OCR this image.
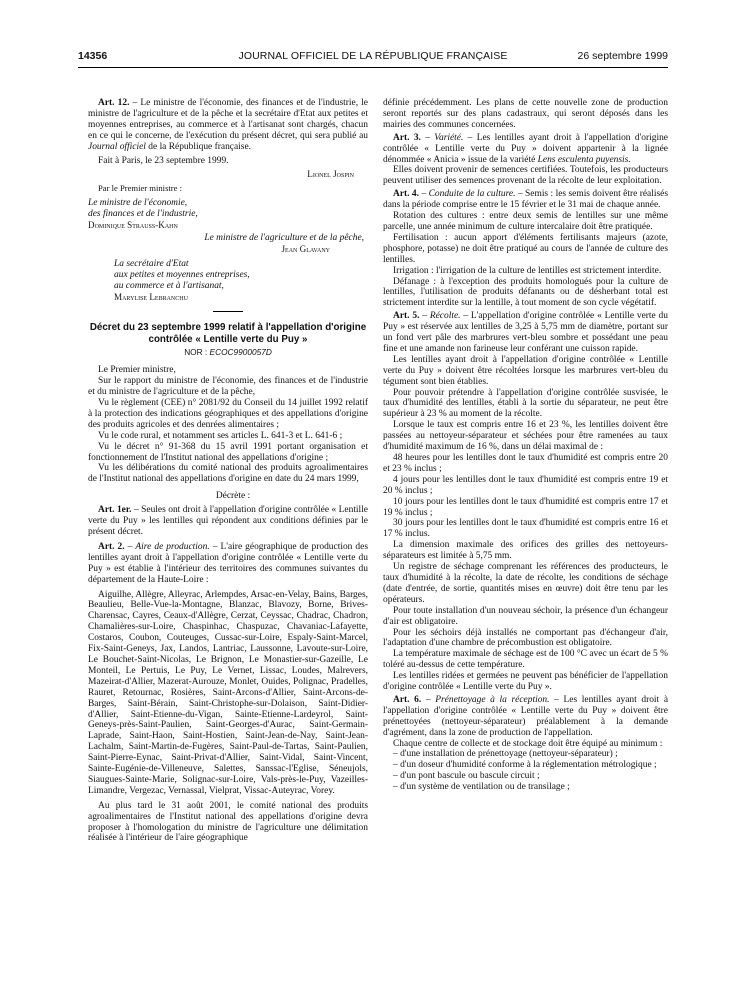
14356	JOURNAL OFFICIEL DE LA RÉPUBLIQUE FRANÇAISE	26 septembre 1999

Art. 12. – Le ministre de l'économie, des finances et de l'industrie, le ministre de l'agriculture et de la pêche et la secrétaire d'Etat aux petites et moyennes entreprises, au commerce et à l'artisanat sont chargés, chacun en ce qui le concerne, de l'exécution du présent décret, qui sera publié au Journal officiel de la République française.

Fait à Paris, le 23 septembre 1999.

Lionel Jospin

Par le Premier ministre :

Le ministre de l'économie,

des finances et de l'industrie,

Dominique Strauss-Kahn

Le ministre de l'agriculture et de la pêche,

Jean Glavany

La secrétaire d'Etat

aux petites et moyennes entreprises,

au commerce et à l'artisanat,

Marylise Lebranchu

Décret du 23 septembre 1999 relatif à l'appellation d'origine contrôlée « Lentille verte du Puy »
NOR : ECOC9900057D

Le Premier ministre,

Sur le rapport du ministre de l'économie, des finances et de l'industrie et du ministre de l'agriculture et de la pêche,

Vu le règlement (CEE) n° 2081/92 du Conseil du 14 juillet 1992 relatif à la protection des indications géographiques et des appellations d'origine des produits agricoles et des denrées alimentaires ;

Vu le code rural, et notamment ses articles L. 641-3 et L. 641-6 ;

Vu le décret n° 91-368 du 15 avril 1991 portant organisation et fonctionnement de l'Institut national des appellations d'origine ;

Vu les délibérations du comité national des produits agroalimentaires de l'Institut national des appellations d'origine en date du 24 mars 1999,

Décrète :

Art. 1er. – Seules ont droit à l'appellation d'origine contrôlée « Lentille verte du Puy » les lentilles qui répondent aux conditions définies par le présent décret.

Art. 2. – Aire de production. – L'aire géographique de production des lentilles ayant droit à l'appellation d'origine contrôlée « Lentille verte du Puy » est établie à l'intérieur des territoires des communes suivantes du département de la Haute-Loire :

Aiguilhe, Allègre, Alleyrac, Arlempdes, Arsac-en-Velay, Bains, Barges, Beaulieu, Belle-Vue-la-Montagne, Blanzac, Blavozy, Borne, Brives-Charensac, Cayres, Ceaux-d'Allègre, Cerzat, Ceyssac, Chadrac, Chadron, Chamalières-sur-Loire, Chaspinhac, Chaspuzac, Chavaniac-Lafayette, Costaros, Coubon, Couteuges, Cussac-sur-Loire, Espaly-Saint-Marcel, Fix-Saint-Geneys, Jax, Landos, Lantriac, Laussonne, Lavoute-sur-Loire, Le Bouchet-Saint-Nicolas, Le Brignon, Le Monastier-sur-Gazeille, Le Monteil, Le Pertuis, Le Puy, Le Vernet, Lissac, Loudes, Malrevers, Mazeirat-d'Allier, Mazerat-Aurouze, Monlet, Ouides, Polignac, Pradelles, Rauret, Retournac, Rosières, Saint-Arcons-d'Allier, Saint-Arcons-de-Barges, Saint-Bérain, Saint-Christophe-sur-Dolaison, Saint-Didier-d'Allier, Saint-Etienne-du-Vigan, Sainte-Etienne-Lardeyrol, Saint-Geneys-près-Saint-Paulien, Saint-Georges-d'Aurac, Saint-Germain-Laprade, Saint-Haon, Saint-Hostien, Saint-Jean-de-Nay, Saint-Jean-Lachalm, Saint-Martin-de-Fugères, Saint-Paul-de-Tartas, Saint-Paulien, Saint-Pierre-Eynac, Saint-Privat-d'Allier, Saint-Vidal, Saint-Vincent, Sainte-Eugénie-de-Villeneuve, Salettes, Sanssac-l'Eglise, Séneujols, Siaugues-Sainte-Marie, Solignac-sur-Loire, Vals-près-le-Puy, Vazeilles-Limandre, Vergezac, Vernassal, Vielprat, Vissac-Auteyrac, Vorey.

Au plus tard le 31 août 2001, le comité national des produits agroalimentaires de l'Institut national des appellations d'origine devra proposer à l'homologation du ministre de l'agriculture une délimitation réalisée à l'intérieur de l'aire géographique

définie précédemment. Les plans de cette nouvelle zone de production seront reportés sur des plans cadastraux, qui seront déposés dans les mairies des communes concernées.

Art. 3. – Variété. – Les lentilles ayant droit à l'appellation d'origine contrôlée « Lentille verte du Puy » doivent appartenir à la lignée dénommée « Anicia » issue de la variété Lens esculenta puyensis.

Elles doivent provenir de semences certifiées. Toutefois, les producteurs peuvent utiliser des semences provenant de la récolte de leur exploitation.

Art. 4. – Conduite de la culture. – Semis : les semis doivent être réalisés dans la période comprise entre le 15 février et le 31 mai de chaque année.

Rotation des cultures : entre deux semis de lentilles sur une même parcelle, une année minimum de culture intercalaire doit être pratiquée.

Fertilisation : aucun apport d'éléments fertilisants majeurs (azote, phosphore, potasse) ne doit être pratiqué au cours de l'année de culture des lentilles.

Irrigation : l'irrigation de la culture de lentilles est strictement interdite.

Défanage : à l'exception des produits homologués pour la culture de lentilles, l'utilisation de produits défanants ou de désherbant total est strictement interdite sur la lentille, à tout moment de son cycle végétatif.

Art. 5. – Récolte. – L'appellation d'origine contrôlée « Lentille verte du Puy » est réservée aux lentilles de 3,25 à 5,75 mm de diamètre, portant sur un fond vert pâle des marbrures vert-bleu sombre et possédant une peau fine et une amande non farineuse leur conférant une cuisson rapide.

Les lentilles ayant droit à l'appellation d'origine contrôlée « Lentille verte du Puy » doivent être récoltées lorsque les marbrures vert-bleu du tégument sont bien établies.

Pour pouvoir prétendre à l'appellation d'origine contrôlée susvisée, le taux d'humidité des lentilles, établi à la sortie du séparateur, ne peut être supérieur à 23 % au moment de la récolte.

Lorsque le taux est compris entre 16 et 23 %, les lentilles doivent être passées au nettoyeur-séparateur et séchées pour être ramenées au taux d'humidité maximum de 16 %, dans un délai maximal de :

48 heures pour les lentilles dont le taux d'humidité est compris entre 20 et 23 % inclus ;

4 jours pour les lentilles dont le taux d'humidité est compris entre 19 et 20 % inclus ;

10 jours pour les lentilles dont le taux d'humidité est compris entre 17 et 19 % inclus ;

30 jours pour les lentilles dont le taux d'humidité est compris entre 16 et 17 % inclus.

La dimension maximale des orifices des grilles des nettoyeurs-séparateurs est limitée à 5,75 mm.

Un registre de séchage comprenant les références des producteurs, le taux d'humidité à la récolte, la date de récolte, les conditions de séchage (date d'entrée, de sortie, quantités mises en œuvre) doit être tenu par les opérateurs.

Pour toute installation d'un nouveau séchoir, la présence d'un échangeur d'air est obligatoire.

Pour les séchoirs déjà installés ne comportant pas d'échangeur d'air, l'adaptation d'une chambre de précombustion est obligatoire.

La température maximale de séchage est de 100 °C avec un écart de 5 % toléré au-dessus de cette température.

Les lentilles ridées et germées ne peuvent pas bénéficier de l'appellation d'origine contrôlée « Lentille verte du Puy ».

Art. 6. – Prénettoyage à la réception. – Les lentilles ayant droit à l'appellation d'origine contrôlée « Lentille verte du Puy » doivent être prénettoyées (nettoyeur-séparateur) préalablement à la demande d'agrément, dans la zone de production de l'appellation.

Chaque centre de collecte et de stockage doit être équipé au minimum :

– d'une installation de prénettoyage (nettoyeur-séparateur) ;

– d'un doseur d'humidité conforme à la réglementation métrologique ;

– d'un pont bascule ou bascule circuit ;

– d'un système de ventilation ou de transilage ;
